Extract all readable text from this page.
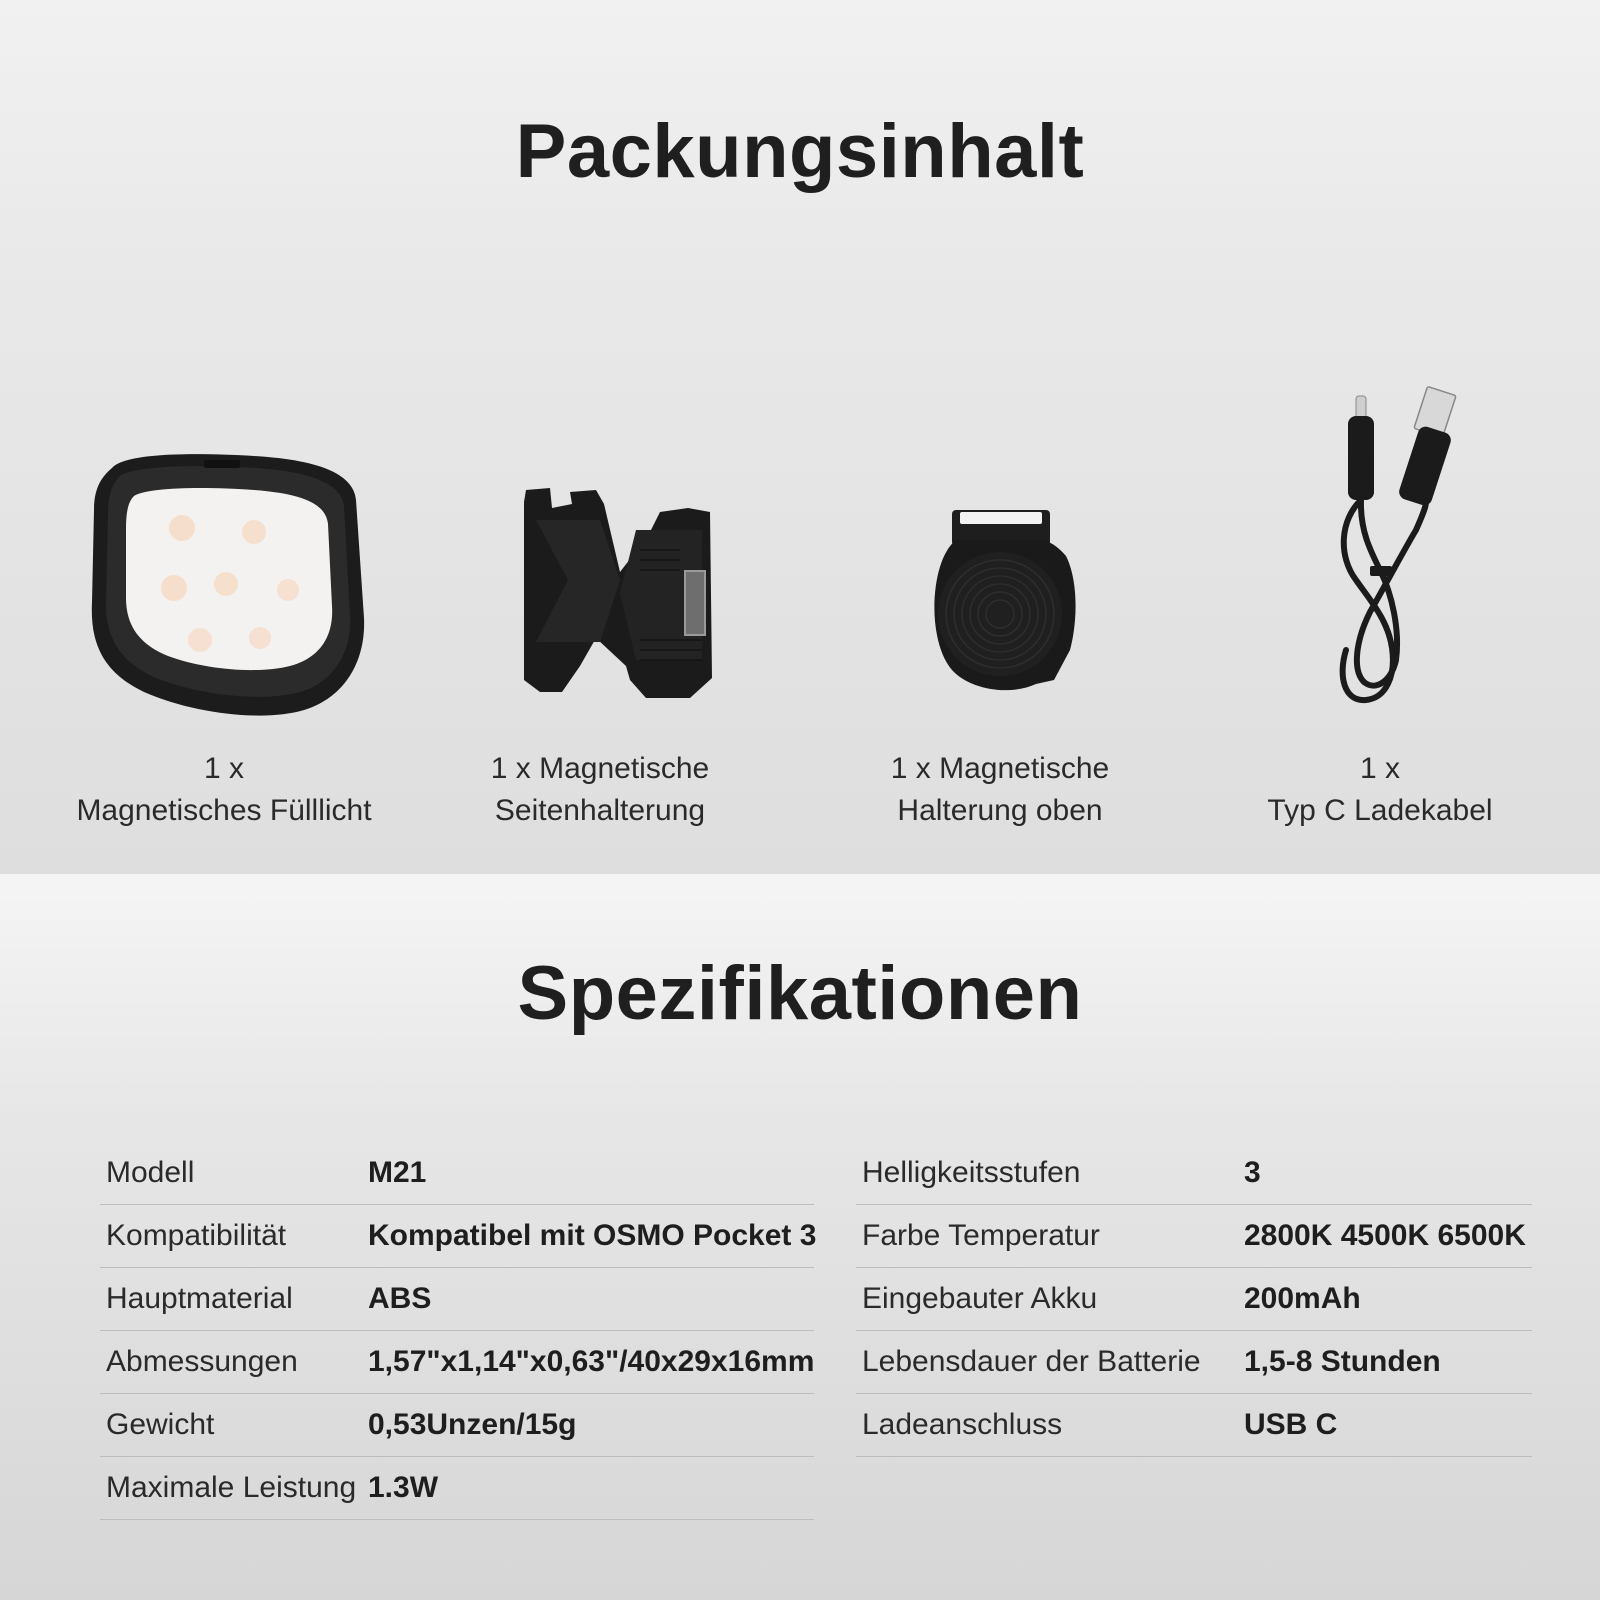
Packungsinhalt
1 x
Magnetisches Fülllicht
1 x Magnetische
Seitenhalterung
1 x Magnetische
Halterung oben
1 x
Typ C Ladekabel
Spezifikationen
Modell	M21
Kompatibilität	Kompatibel mit OSMO Pocket 3
Hauptmaterial	ABS
Abmessungen	1,57"x1,14"x0,63"/40x29x16mm
Gewicht	0,53Unzen/15g
Maximale Leistung 1.3W
Helligkeitsstufen	3
Farbe Temperatur	2800K 4500K 6500K
Eingebauter Akku	200mAh
Lebensdauer der Batterie 1,5-8 Stunden
Ladeanschluss	USB C
